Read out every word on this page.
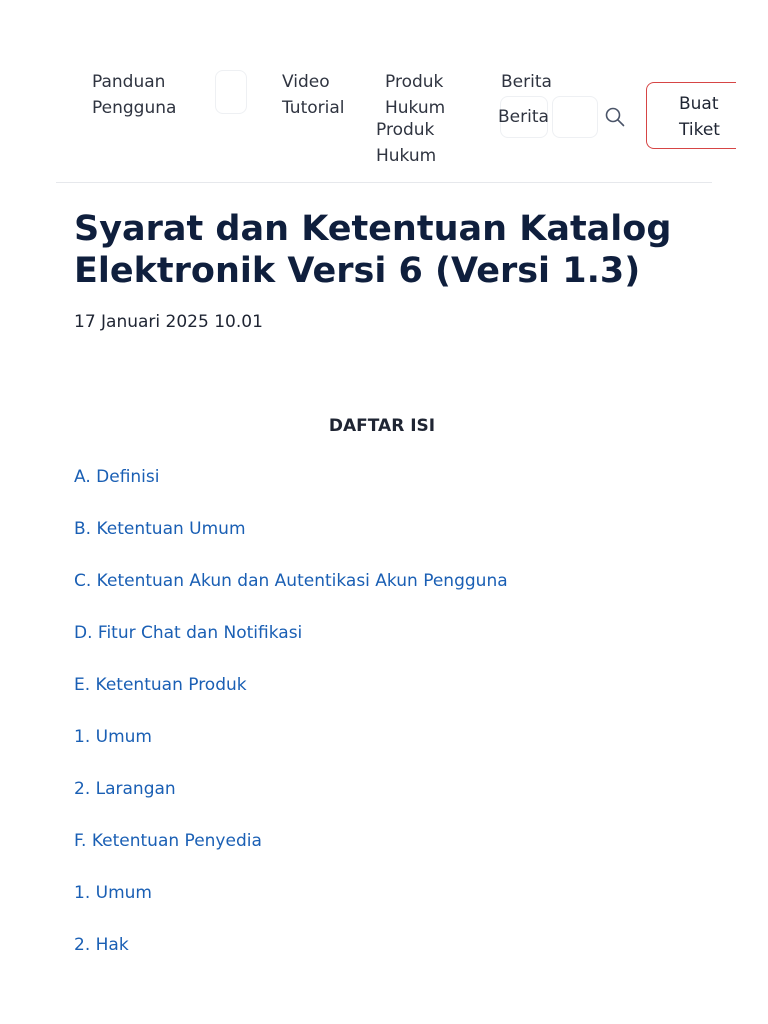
Panduan
Pengguna
Video
Tutorial
Produk
Hukum
Produk
Hukum
Berita
Berita
Buat
Tiket
Syarat dan Ketentuan Katalog Elektronik Versi 6 (Versi 1.3)
17 Januari 2025 10.01
DAFTAR ISI
A. Definisi
B. Ketentuan Umum
C. Ketentuan Akun dan Autentikasi Akun Pengguna
D. Fitur Chat dan Notifikasi
E. Ketentuan Produk
1. Umum
2. Larangan
F. Ketentuan Penyedia
1. Umum
2. Hak
